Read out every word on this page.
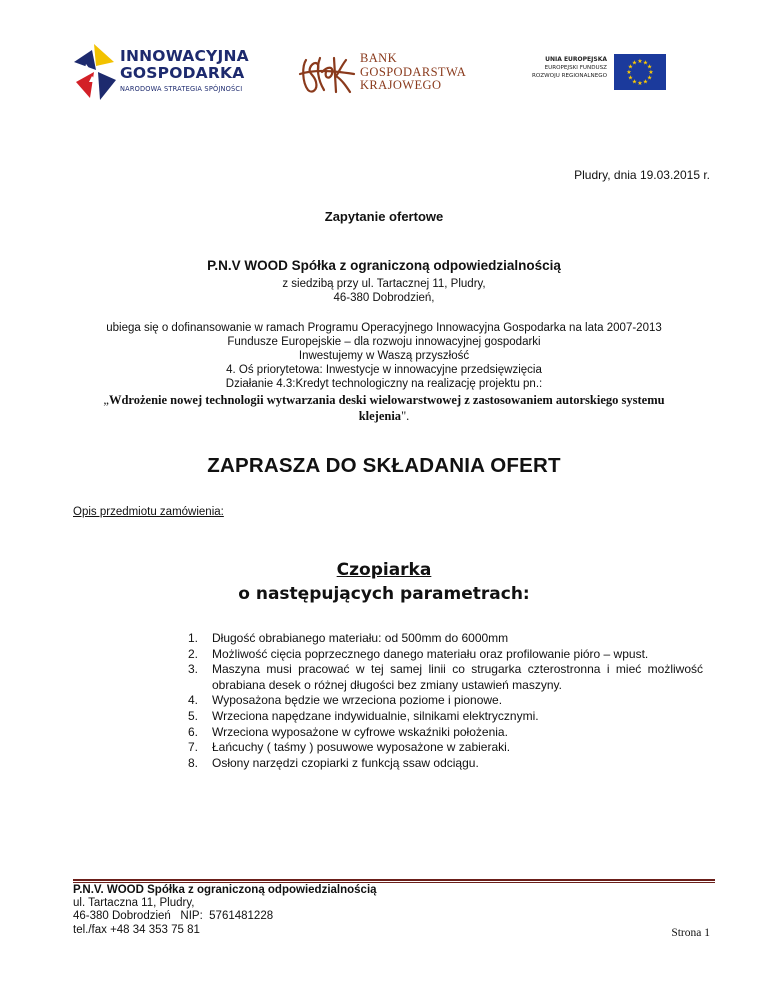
INNOWACYJNA
GOSPODARKA
NARODOWA STRATEGIA SPÓJNOŚCI
BANK
GOSPODARSTWA
KRAJOWEGO
UNIA EUROPEJSKA
EUROPEJSKI FUNDUSZ
ROZWOJU REGIONALNEGO	★
★
★
★
★
★
★
★
★ ★ ★
★
Pludry, dnia 19.03.2015 r.
Zapytanie ofertowe
P.N.V WOOD Spółka z ograniczoną odpowiedzialnością
z siedzibą przy ul. Tartacznej 11, Pludry,
46-380 Dobrodzień,
ubiega się o dofinansowanie w ramach Programu Operacyjnego Innowacyjna Gospodarka na lata 2007-2013
Fundusze Europejskie – dla rozwoju innowacyjnej gospodarki
Inwestujemy w Waszą przyszłość
4. Oś priorytetowa: Inwestycje w innowacyjne przedsięwzięcia
Działanie 4.3:Kredyt technologiczny na realizację projektu pn.:
„Wdrożenie nowej technologii wytwarzania deski wielowarstwowej z zastosowaniem autorskiego systemu
klejenia".
ZAPRASZA DO SKŁADANIA OFERT
Opis przedmiotu zamówienia:
Czopiarka
o następujących parametrach:
1. Długość obrabianego materiału: od 500mm do 6000mm
2. Możliwość cięcia poprzecznego danego materiału oraz profilowanie pióro – wpust.
3. Maszyna musi pracować w tej samej linii co strugarka czterostronna i mieć możliwość obrabiana desek o różnej długości bez zmiany ustawień maszyny.
4. Wyposażona będzie we wrzeciona poziome i pionowe.
5. Wrzeciona napędzane indywidualnie, silnikami elektrycznymi.
6. Wrzeciona wyposażone w cyfrowe wskaźniki położenia.
7. Łańcuchy ( taśmy ) posuwowe wyposażone w zabieraki.
8. Osłony narzędzi czopiarki z funkcją ssaw odciągu.
P.N.V. WOOD Spółka z ograniczoną odpowiedzialnością
ul. Tartaczna 11, Pludry,
46-380 Dobrodzień   NIP:  5761481228
tel./fax +48 34 353 75 81	Strona 1
